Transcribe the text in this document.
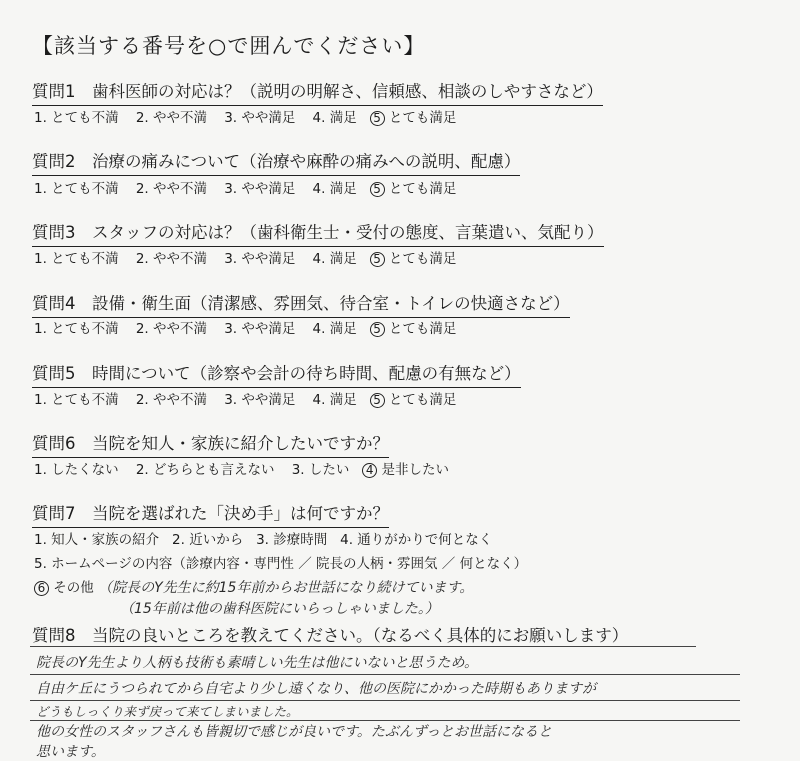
【該当する番号を○で囲んでください】
質問1　歯科医師の対応は？（説明の明解さ、信頼感、相談のしやすさなど）
1. とても不満 2. やや不満 3. やや満足 4. 満足 5 とても満足
質問2　治療の痛みについて（治療や麻酔の痛みへの説明、配慮）
1. とても不満 2. やや不満 3. やや満足 4. 満足 5 とても満足
質問3　スタッフの対応は？（歯科衛生士・受付の態度、言葉遣い、気配り）
1. とても不満 2. やや不満 3. やや満足 4. 満足 5 とても満足
質問4　設備・衛生面（清潔感、雰囲気、待合室・トイレの快適さなど）
1. とても不満 2. やや不満 3. やや満足 4. 満足 5 とても満足
質問5　時間について（診察や会計の待ち時間、配慮の有無など）
1. とても不満 2. やや不満 3. やや満足 4. 満足 5 とても満足
質問6　当院を知人・家族に紹介したいですか？
1. したくない 2. どちらとも言えない 3. したい 4 是非したい
質問7　当院を選ばれた「決め手」は何ですか？
1. 知人・家族の紹介 2. 近いから 3. 診療時間 4. 通りがかりで何となく
5. ホームページの内容（診療内容・専門性 ／ 院長の人柄・雰囲気 ／ 何となく）
6 その他 （院長のY先生に約15年前からお世話になり続けています。
（15年前は他の歯科医院にいらっしゃいました。）
質問8　当院の良いところを教えてください。（なるべく具体的にお願いします）
院長のY先生より人柄も技術も素晴しい先生は他にいないと思うため。
自由ケ丘にうつられてから自宅より少し遠くなり、他の医院にかかった時期もありますが
どうもしっくり来ず戻って来てしまいました。
他の女性のスタッフさんも皆親切で感じが良いです。たぶんずっとお世話になると
思います。
